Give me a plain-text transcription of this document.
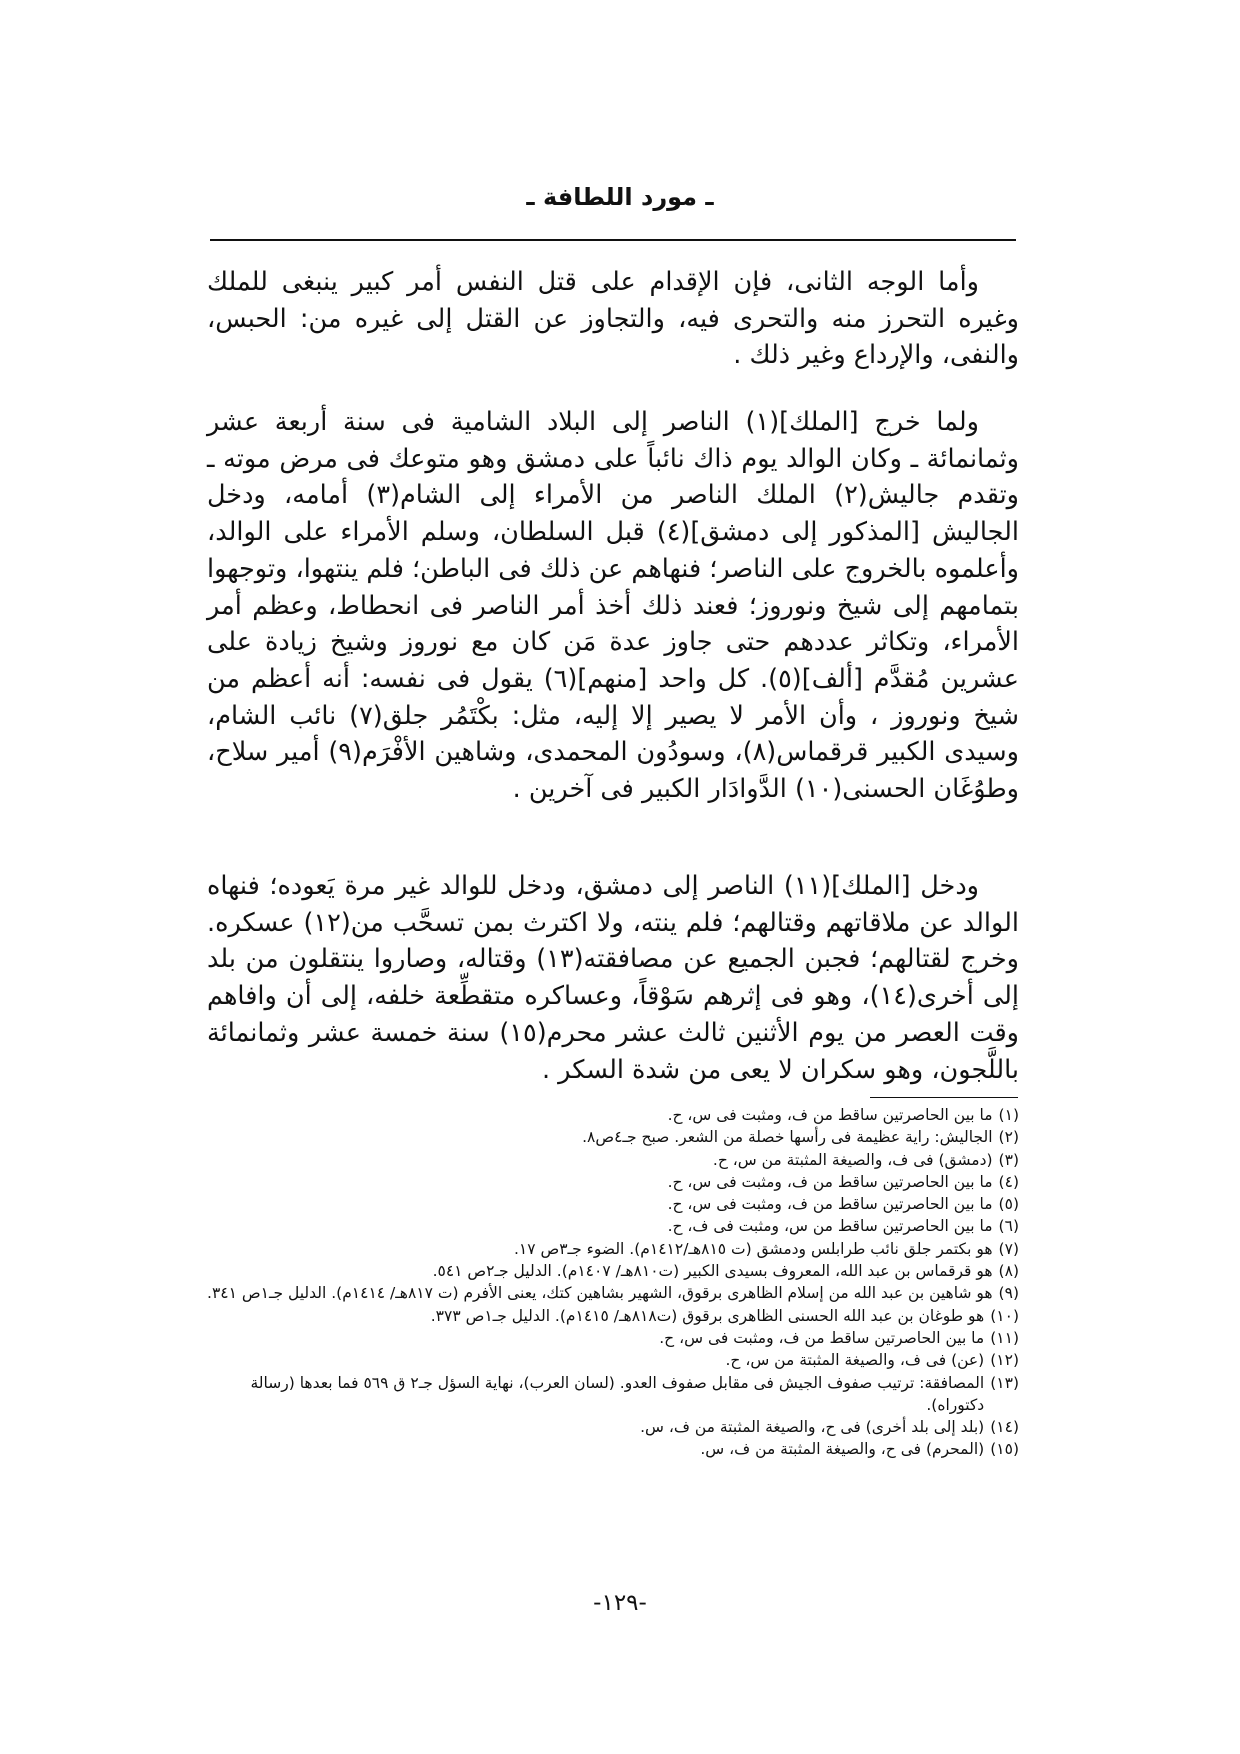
ـ مورد اللطافة ـ

وأما الوجه الثانى، فإن الإقدام على قتل النفس أمر كبير ينبغى للملك وغيره التحرز منه والتحرى فيه، والتجاوز عن القتل إلى غيره من: الحبس، والنفى، والإرداع وغير ذلك .

ولما خرج [الملك](١) الناصر إلى البلاد الشامية فى سنة أربعة عشر وثمانمائة ـ وكان الوالد يوم ذاك نائباً على دمشق وهو متوعك فى مرض موته ـ وتقدم جاليش(٢) الملك الناصر من الأمراء إلى الشام(٣) أمامه، ودخل الجاليش [المذكور إلى دمشق](٤) قبل السلطان، وسلم الأمراء على الوالد، وأعلموه بالخروج على الناصر؛ فنهاهم عن ذلك فى الباطن؛ فلم ينتهوا، وتوجهوا بتمامهم إلى شيخ ونوروز؛ فعند ذلك أخذ أمر الناصر فى انحطاط، وعظم أمر الأمراء، وتكاثر عددهم حتى جاوز عدة مَن كان مع نوروز وشيخ زيادة على عشرين مُقدَّم [ألف](٥). كل واحد [منهم](٦) يقول فى نفسه: أنه أعظم من شيخ ونوروز ، وأن الأمر لا يصير إلا إليه، مثل: بكْتَمُر جلق(٧) نائب الشام، وسيدى الكبير قرقماس(٨)، وسودُون المحمدى، وشاهين الأفْرَم(٩) أمير سلاح، وطوُغَان الحسنى(١٠) الدَّوادَار الكبير فى آخرين .

ودخل [الملك](١١) الناصر إلى دمشق، ودخل للوالد غير مرة يَعوده؛ فنهاه الوالد عن ملاقاتهم وقتالهم؛ فلم ينته، ولا اكترث بمن تسحَّب من(١٢) عسكره. وخرج لقتالهم؛ فجبن الجميع عن مصافقته(١٣) وقتاله، وصاروا ينتقلون من بلد إلى أخرى(١٤)، وهو فى إثرهم سَوْقاً، وعساكره متقطِّعة خلفه، إلى أن وافاهم وقت العصر من يوم الأثنين ثالث عشر محرم(١٥) سنة خمسة عشر وثمانمائة باللَّجون، وهو سكران لا يعى من شدة السكر .

(١)
ما بين الحاصرتين ساقط من ف، ومثبت فى س، ح.
(٢)
الجاليش: راية عظيمة فى رأسها خصلة من الشعر. صبح جـ٤ص٨.
(٣)
(دمشق) فى ف، والصيغة المثبتة من س، ح.
(٤)
ما بين الحاصرتين ساقط من ف، ومثبت فى س، ح.
(٥)
ما بين الحاصرتين ساقط من ف، ومثبت فى س، ح.
(٦)
ما بين الحاصرتين ساقط من س، ومثبت فى ف، ح.
(٧)
هو بكتمر جلق نائب طرابلس ودمشق (ت ٨١٥هـ/١٤١٢م). الضوء جـ٣ص ١٧.
(٨)
هو قرقماس بن عبد الله، المعروف بسيدى الكبير (ت٨١٠هـ/ ١٤٠٧م). الدليل جـ٢ص ٥٤١.
(٩)
هو شاهين بن عبد الله من إسلام الظاهرى برقوق، الشهير بشاهين كتك، يعنى الأفرم (ت ٨١٧هـ/ ١٤١٤م). الدليل جـ١ص ٣٤١.
(١٠)
هو طوغان بن عبد الله الحسنى الظاهرى برقوق (ت٨١٨هـ/ ١٤١٥م). الدليل جـ١ص ٣٧٣.
(١١)
ما بين الحاصرتين ساقط من ف، ومثبت فى س، ح.
(١٢)
(عن) فى ف، والصيغة المثبتة من س، ح.
(١٣)
المصافقة: ترتيب صفوف الجيش فى مقابل صفوف العدو. (لسان العرب)، نهاية السؤل جـ٢ ق ٥٦٩ فما بعدها (رسالة دكتوراه).
(١٤)
(بلد إلى بلد أخرى) فى ح، والصيغة المثبتة من ف، س.
(١٥)
(المحرم) فى ح، والصيغة المثبتة من ف، س.
-١٢٩-
